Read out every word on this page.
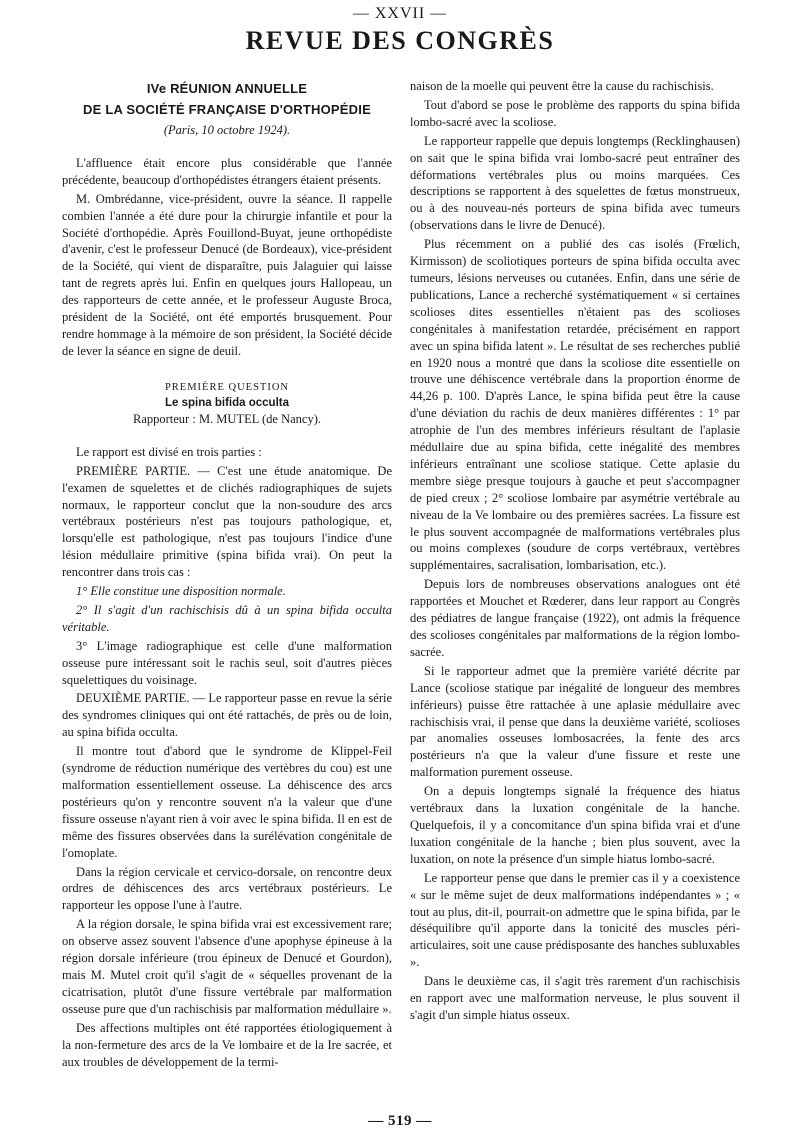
— XXVII —
REVUE DES CONGRÈS
IVe RÉUNION ANNUELLE
DE LA SOCIÉTÉ FRANÇAISE D'ORTHOPÉDIE

(Paris, 10 octobre 1924).

L'affluence était encore plus considérable que l'année précédente, beaucoup d'orthopédistes étrangers étaient présents.

M. Ombrédanne, vice-président, ouvre la séance. Il rappelle combien l'année a été dure pour la chirurgie infantile et pour la Société d'orthopédie. Après Fouillond-Buyat, jeune orthopédiste d'avenir, c'est le professeur Denucé (de Bordeaux), vice-président de la Société, qui vient de disparaître, puis Jalaguier qui laisse tant de regrets après lui. Enfin en quelques jours Hallopeau, un des rapporteurs de cette année, et le professeur Auguste Broca, président de la Société, ont été emportés brusquement. Pour rendre hommage à la mémoire de son président, la Société décide de lever la séance en signe de deuil.

PREMIÈRE QUESTION
Le spina bifida occulta
Rapporteur : M. MUTEL (de Nancy).

Le rapport est divisé en trois parties :

PREMIÈRE PARTIE. — C'est une étude anatomique. De l'examen de squelettes et de clichés radiographiques de sujets normaux, le rapporteur conclut que la non-soudure des arcs vertébraux postérieurs n'est pas toujours pathologique, et, lorsqu'elle est pathologique, n'est pas toujours l'indice d'une lésion médullaire primitive (spina bifida vrai). On peut la rencontrer dans trois cas :

1° Elle constitue une disposition normale.

2° Il s'agit d'un rachischisis dû à un spina bifida occulta véritable.

3° L'image radiographique est celle d'une malformation osseuse pure intéressant soit le rachis seul, soit d'autres pièces squelettiques du voisinage.

DEUXIÈME PARTIE. — Le rapporteur passe en revue la série des syndromes cliniques qui ont été rattachés, de près ou de loin, au spina bifida occulta.

Il montre tout d'abord que le syndrome de Klippel-Feil (syndrome de réduction numérique des vertèbres du cou) est une malformation essentiellement osseuse. La déhiscence des arcs postérieurs qu'on y rencontre souvent n'a la valeur que d'une fissure osseuse n'ayant rien à voir avec le spina bifida. Il en est de même des fissures observées dans la surélévation congénitale de l'omoplate.

Dans la région cervicale et cervico-dorsale, on rencontre deux ordres de déhiscences des arcs vertébraux postérieurs. Le rapporteur les oppose l'une à l'autre.

A la région dorsale, le spina bifida vrai est excessivement rare; on observe assez souvent l'absence d'une apophyse épineuse à la région dorsale inférieure (trou épineux de Denucé et Gourdon), mais M. Mutel croit qu'il s'agit de « séquelles provenant de la cicatrisation, plutôt d'une fissure vertébrale par malformation osseuse pure que d'un rachischisis par malformation médullaire ».

Des affections multiples ont été rapportées étiologiquement à la non-fermeture des arcs de la Ve lombaire et de la Ire sacrée, et aux troubles de développement de la termi-

naison de la moelle qui peuvent être la cause du rachischisis.

Tout d'abord se pose le problème des rapports du spina bifida lombo-sacré avec la scoliose.

Le rapporteur rappelle que depuis longtemps (Recklinghausen) on sait que le spina bifida vrai lombo-sacré peut entraîner des déformations vertébrales plus ou moins marquées. Ces descriptions se rapportent à des squelettes de fœtus monstrueux, ou à des nouveau-nés porteurs de spina bifida avec tumeurs (observations dans le livre de Denucé).

Plus récemment on a publié des cas isolés (Frœlich, Kirmisson) de scoliotiques porteurs de spina bifida occulta avec tumeurs, lésions nerveuses ou cutanées. Enfin, dans une série de publications, Lance a recherché systématiquement « si certaines scolioses dites essentielles n'étaient pas des scolioses congénitales à manifestation retardée, précisément en rapport avec un spina bifida latent ». Le résultat de ses recherches publié en 1920 nous a montré que dans la scoliose dite essentielle on trouve une déhiscence vertébrale dans la proportion énorme de 44,26 p. 100. D'après Lance, le spina bifida peut être la cause d'une déviation du rachis de deux manières différentes : 1° par atrophie de l'un des membres inférieurs résultant de l'aplasie médullaire due au spina bifida, cette inégalité des membres inférieurs entraînant une scoliose statique. Cette aplasie du membre siège presque toujours à gauche et peut s'accompagner de pied creux ; 2° scoliose lombaire par asymétrie vertébrale au niveau de la Ve lombaire ou des premières sacrées. La fissure est le plus souvent accompagnée de malformations vertébrales plus ou moins complexes (soudure de corps vertébraux, vertèbres supplémentaires, sacralisation, lombarisation, etc.).

Depuis lors de nombreuses observations analogues ont été rapportées et Mouchet et Rœderer, dans leur rapport au Congrès des pédiatres de langue française (1922), ont admis la fréquence des scolioses congénitales par malformations de la région lombo-sacrée.

Si le rapporteur admet que la première variété décrite par Lance (scoliose statique par inégalité de longueur des membres inférieurs) puisse être rattachée à une aplasie médullaire avec rachischisis vrai, il pense que dans la deuxième variété, scolioses par anomalies osseuses lombosacrées, la fente des arcs postérieurs n'a que la valeur d'une fissure et reste une malformation purement osseuse.

On a depuis longtemps signalé la fréquence des hiatus vertébraux dans la luxation congénitale de la hanche. Quelquefois, il y a concomitance d'un spina bifida vrai et d'une luxation congénitale de la hanche ; bien plus souvent, avec la luxation, on note la présence d'un simple hiatus lombo-sacré.

Le rapporteur pense que dans le premier cas il y a coexistence « sur le même sujet de deux malformations indépendantes » ; « tout au plus, dit-il, pourrait-on admettre que le spina bifida, par le déséquilibre qu'il apporte dans la tonicité des muscles péri-articulaires, soit une cause prédisposante des hanches subluxables ».

Dans le deuxième cas, il s'agit très rarement d'un rachischisis en rapport avec une malformation nerveuse, le plus souvent il s'agit d'un simple hiatus osseux.

— 519 —
